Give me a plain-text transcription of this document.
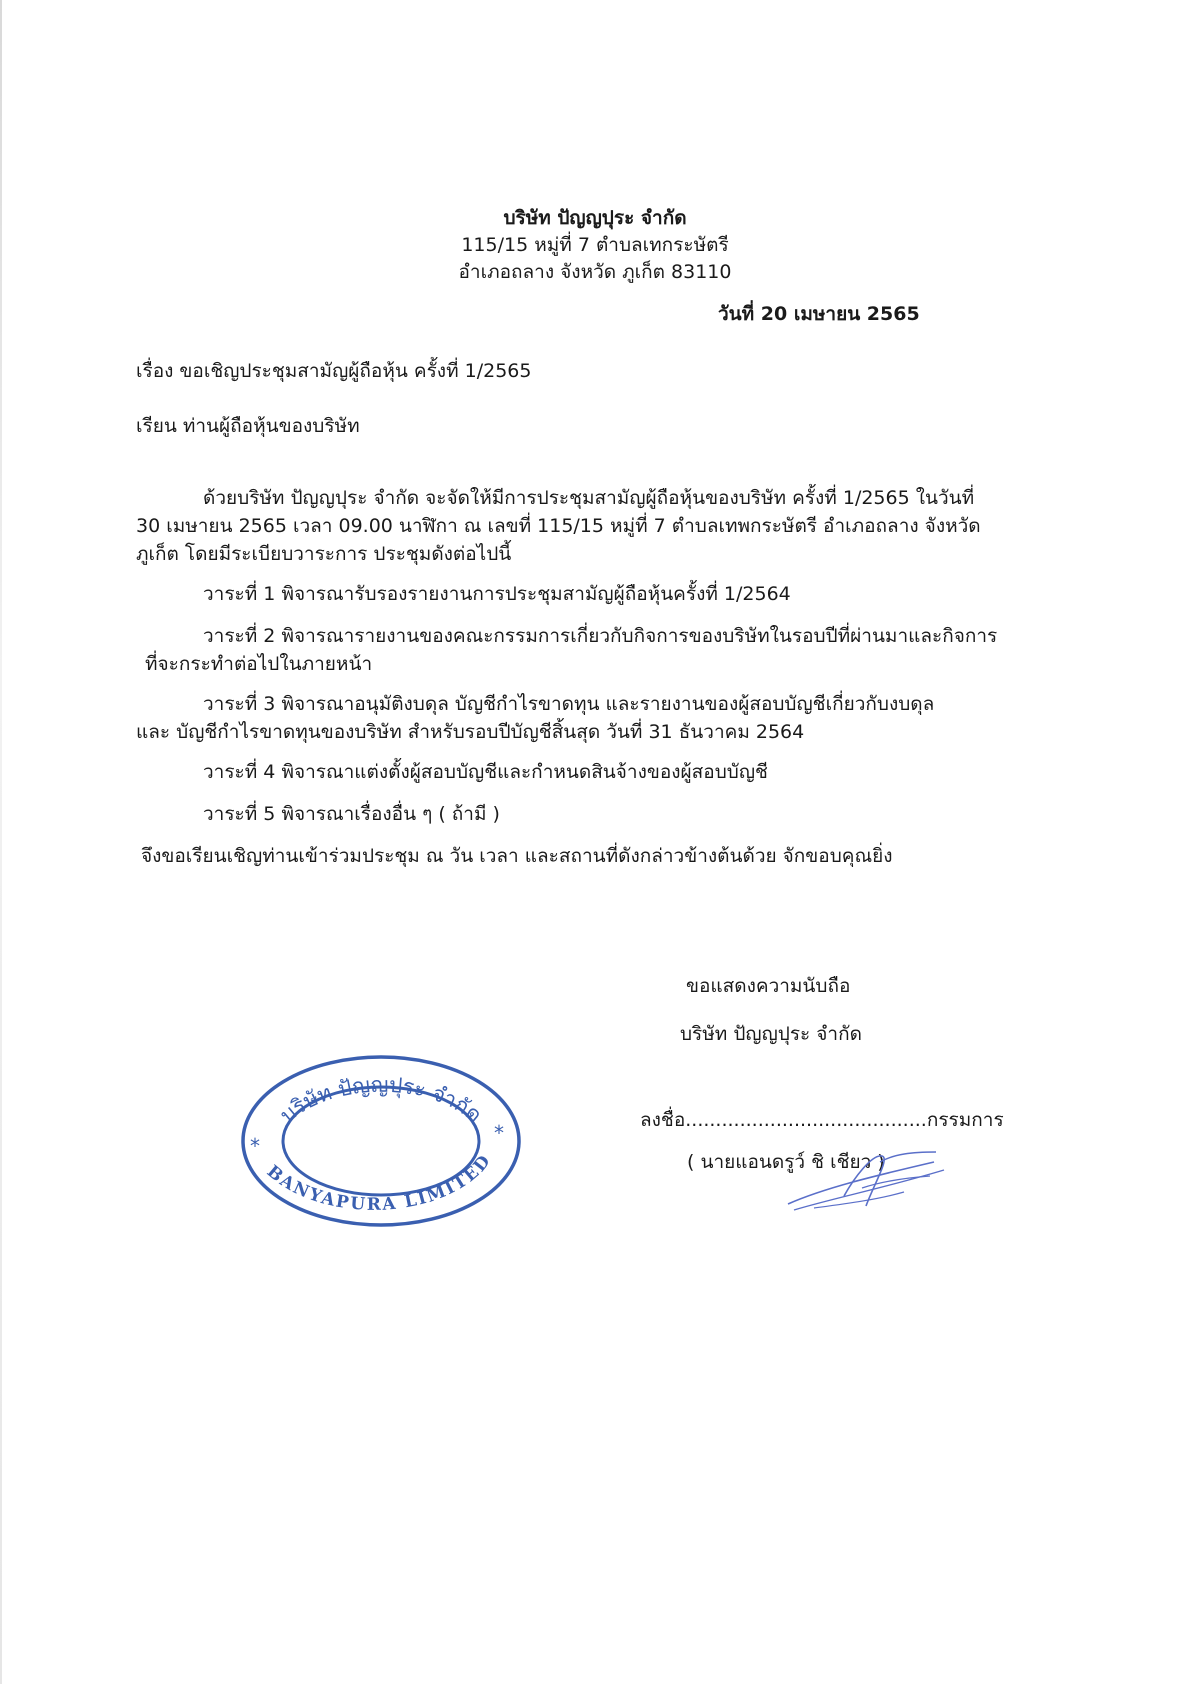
บริษัท ปัญญปุระ จำกัด
115/15 หมู่ที่ 7 ตำบลเทกระษัตรี
อำเภอถลาง จังหวัด ภูเก็ต 83110
วันที่ 20 เมษายน 2565
เรื่อง ขอเชิญประชุมสามัญผู้ถือหุ้น ครั้งที่ 1/2565
เรียน ท่านผู้ถือหุ้นของบริษัท
ด้วยบริษัท ปัญญปุระ จำกัด จะจัดให้มีการประชุมสามัญผู้ถือหุ้นของบริษัท ครั้งที่ 1/2565 ในวันที่
30 เมษายน 2565 เวลา 09.00 นาฬิกา ณ เลขที่ 115/15 หมู่ที่ 7 ตำบลเทพกระษัตรี อำเภอถลาง จังหวัด
ภูเก็ต โดยมีระเบียบวาระการ ประชุมดังต่อไปนี้
วาระที่ 1 พิจารณารับรองรายงานการประชุมสามัญผู้ถือหุ้นครั้งที่ 1/2564
วาระที่ 2 พิจารณารายงานของคณะกรรมการเกี่ยวกับกิจการของบริษัทในรอบปีที่ผ่านมาและกิจการ
ที่จะกระทำต่อไปในภายหน้า
วาระที่ 3 พิจารณาอนุมัติงบดุล บัญชีกำไรขาดทุน และรายงานของผู้สอบบัญชีเกี่ยวกับงบดุล
และ บัญชีกำไรขาดทุนของบริษัท สำหรับรอบปีบัญชีสิ้นสุด วันที่ 31 ธันวาคม 2564
วาระที่ 4 พิจารณาแต่งตั้งผู้สอบบัญชีและกำหนดสินจ้างของผู้สอบบัญชี
วาระที่ 5 พิจารณาเรื่องอื่น ๆ ( ถ้ามี )
จึงขอเรียนเชิญท่านเข้าร่วมประชุม ณ วัน เวลา และสถานที่ดังกล่าวข้างต้นด้วย จักขอบคุณยิ่ง
ขอแสดงความนับถือ
บริษัท ปัญญปุระ จำกัด
ลงชื่อ........................................กรรมการ
( นายแอนดรูว์ ชิ เชียว )
บริษัท ปัญญปุระ จำกัด
BANYAPURA LIMITED
*
*
